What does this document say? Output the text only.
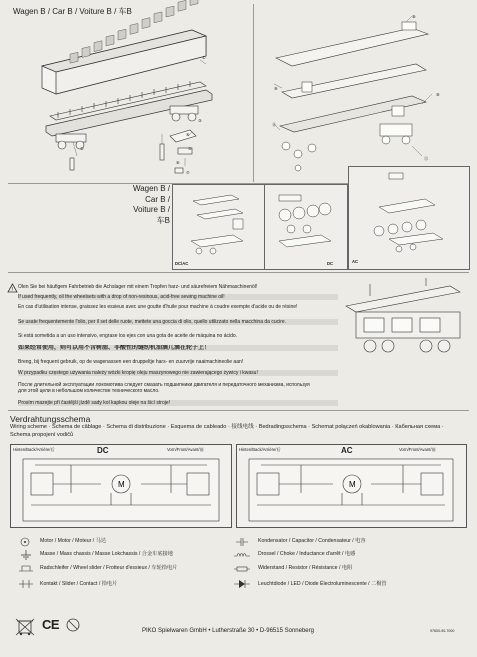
Wagen B / Car B / Voiture B / 车B
①
②
③
④
⑤
⑥
⑦
⑧
⑨
⑩
⑪
⑫
Wagen B /
Car B /
Voiture B /
车B
DC/AC	DC	AC
! Ölen Sie bei häufigem Fahrbetrieb die Achslager mit einem Tropfen harz- und säurefreiem Nähmaschinenöl!
If used frequently, oil the wheelsets with a drop of non-resinous, acid-free sewing machine oil!
En cas d'utilisation intense, graissez les essieux avec une goutte d'huile pour machine à coudre exempte d'acide ou de résine!
Se usate frequentemente l'olio, per il set delle ruote, mettete una goccia di olio, quello utilizzato nella macchina da cucire.
Si está sometida a un uso intensivo, engrase los ejes con una gota de aceite de máquina no ácido.
如果经常使用，则可以用不含树脂、非酸性的缝纫机油滴几滴在轮子上！
Breng, bij frequent gebruik, op de wagenassen een druppeltje hars- en zuurvrije naaimachineolie aan!
W przypadku częstego używania należy wózki kropię oleju maszynowego nie zawierającego żywicy i kwasu!
После длительной эксплуатации локомотива следует смазать подшипники двигателя и передаточного механизма, используя
для этой цели в небольшом количестве технического масло.
Prosím mazejte při častější jízdě sady kol kapkou oleje na šicí stroje!
Verdrahtungsschema
Wiring scheme · Schema de câblage · Schema di distribuzione · Esquema de cableado · 接线电线 · Bedradingsschema · Schemat połączeń okablowania · Кабельная схема · Schema propojení vodičů
Hinten/Back/Arrière/后	DC	Vorn/Front/Avant/前
M
Hinten/Back/Arrière/后	AC	Vorn/Front/Avant/前
M
Motor / Motor / Moteur / 马达
Masse / Mass chassis / Masse Lokchassis / 合金车底接地
Radschleifer / Wheel slider / Frotteur d'essieux / 车轮拾电片
Kontakt / Slider / Contact / 拾电片
Kondensator / Capacitor / Condensateur / 电容
Drossel / Choke / Inductance d'arrêt / 电感
Widerstand / Resistor / Résistance / 电阻
Leuchtdiode / LED / Diode Électroluminescente / 二极管
CE	PIKO Spielwaren GmbH • Lutherstraße 30 • D-96515 Sonneberg	97600-90-7000
